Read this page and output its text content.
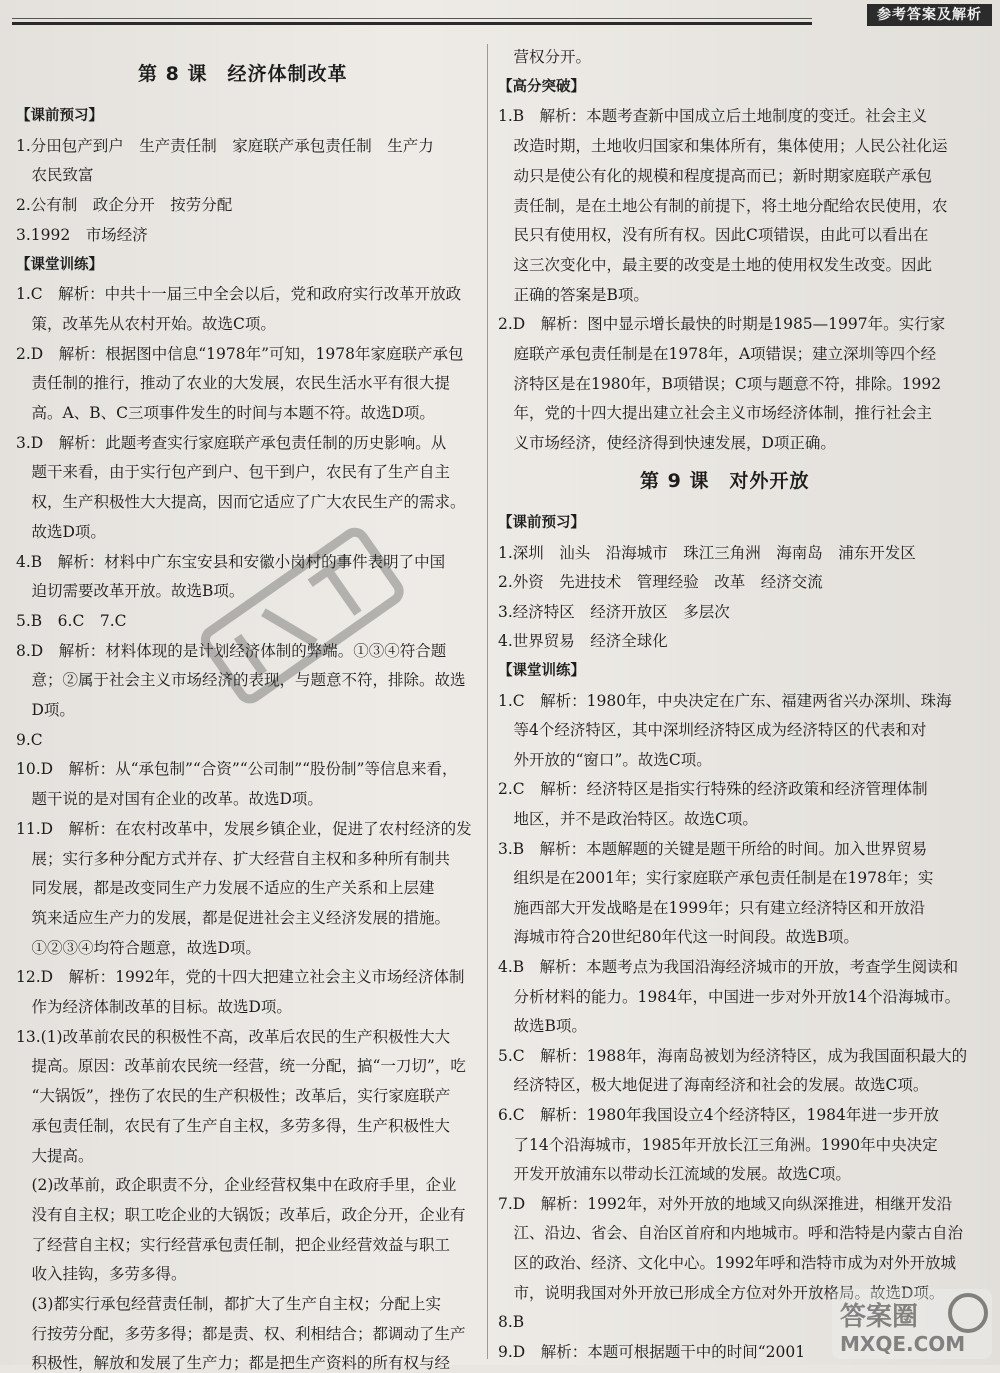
参考答案及解析
第 8 课　经济体制改革
【课前预习】
1.分田包产到户　生产责任制　家庭联产承包责任制　生产力
　农民致富
2.公有制　政企分开　按劳分配
3.1992　市场经济
【课堂训练】
1.C　解析：中共十一届三中全会以后，党和政府实行改革开放政
　策，改革先从农村开始。故选C项。
2.D　解析：根据图中信息“1978年”可知，1978年家庭联产承包
　责任制的推行，推动了农业的大发展，农民生活水平有很大提
　高。A、B、C三项事件发生的时间与本题不符。故选D项。
3.D　解析：此题考查实行家庭联产承包责任制的历史影响。从
　题干来看，由于实行包产到户、包干到户，农民有了生产自主
　权，生产积极性大大提高，因而它适应了广大农民生产的需求。
　故选D项。
4.B　解析：材料中广东宝安县和安徽小岗村的事件表明了中国
　迫切需要改革开放。故选B项。
5.B　6.C　7.C
8.D　解析：材料体现的是计划经济体制的弊端。①③④符合题
　意；②属于社会主义市场经济的表现，与题意不符，排除。故选
　D项。
9.C
10.D　解析：从“承包制”“合资”“公司制”“股份制”等信息来看，
　题干说的是对国有企业的改革。故选D项。
11.D　解析：在农村改革中，发展乡镇企业，促进了农村经济的发
　展；实行多种分配方式并存、扩大经营自主权和多种所有制共
　同发展，都是改变同生产力发展不适应的生产关系和上层建
　筑来适应生产力的发展，都是促进社会主义经济发展的措施。
　①②③④均符合题意，故选D项。
12.D　解析：1992年，党的十四大把建立社会主义市场经济体制
　作为经济体制改革的目标。故选D项。
13.(1)改革前农民的积极性不高，改革后农民的生产积极性大大
　提高。原因：改革前农民统一经营，统一分配，搞“一刀切”，吃
　“大锅饭”，挫伤了农民的生产积极性；改革后，实行家庭联产
　承包责任制，农民有了生产自主权，多劳多得，生产积极性大
　大提高。
　(2)改革前，政企职责不分，企业经营权集中在政府手里，企业
　没有自主权；职工吃企业的大锅饭；改革后，政企分开，企业有
　了经营自主权；实行经营承包责任制，把企业经营效益与职工
　收入挂钩，多劳多得。
　(3)都实行承包经营责任制，都扩大了生产自主权；分配上实
　行按劳分配，多劳多得；都是责、权、利相结合；都调动了生产
　积极性，解放和发展了生产力；都是把生产资料的所有权与经
第 9 课　对外开放
　营权分开。
【高分突破】
1.B　解析：本题考查新中国成立后土地制度的变迁。社会主义
　改造时期，土地收归国家和集体所有，集体使用；人民公社化运
　动只是使公有化的规模和程度提高而已；新时期家庭联产承包
　责任制，是在土地公有制的前提下，将土地分配给农民使用，农
　民只有使用权，没有所有权。因此C项错误，由此可以看出在
　这三次变化中，最主要的改变是土地的使用权发生改变。因此
　正确的答案是B项。
2.D　解析：图中显示增长最快的时期是1985—1997年。实行家
　庭联产承包责任制是在1978年，A项错误；建立深圳等四个经
　济特区是在1980年，B项错误；C项与题意不符，排除。1992
　年，党的十四大提出建立社会主义市场经济体制，推行社会主
　义市场经济，使经济得到快速发展，D项正确。
【课前预习】
1.深圳　汕头　沿海城市　珠江三角洲　海南岛　浦东开发区
2.外资　先进技术　管理经验　改革　经济交流
3.经济特区　经济开放区　多层次
4.世界贸易　经济全球化
【课堂训练】
1.C　解析：1980年，中央决定在广东、福建两省兴办深圳、珠海
　等4个经济特区，其中深圳经济特区成为经济特区的代表和对
　外开放的“窗口”。故选C项。
2.C　解析：经济特区是指实行特殊的经济政策和经济管理体制
　地区，并不是政治特区。故选C项。
3.B　解析：本题解题的关键是题干所给的时间。加入世界贸易
　组织是在2001年；实行家庭联产承包责任制是在1978年；实
　施西部大开发战略是在1999年；只有建立经济特区和开放沿
　海城市符合20世纪80年代这一时间段。故选B项。
4.B　解析：本题考点为我国沿海经济城市的开放，考查学生阅读和
　分析材料的能力。1984年，中国进一步对外开放14个沿海城市。
　故选B项。
5.C　解析：1988年，海南岛被划为经济特区，成为我国面积最大的
　经济特区，极大地促进了海南经济和社会的发展。故选C项。
6.C　解析：1980年我国设立4个经济特区，1984年进一步开放
　了14个沿海城市，1985年开放长江三角洲。1990年中央决定
　开发开放浦东以带动长江流域的发展。故选C项。
7.D　解析：1992年，对外开放的地域又向纵深推进，相继开发沿
　江、沿边、省会、自治区首府和内地城市。呼和浩特是内蒙古自治
　区的政治、经济、文化中心。1992年呼和浩特市成为对外开放城
　市，说明我国对外开放已形成全方位对外开放格局。故选D项。
8.B
9.D　解析：本题可根据题干中的时间“2001
答案圈
MXQE.COM
